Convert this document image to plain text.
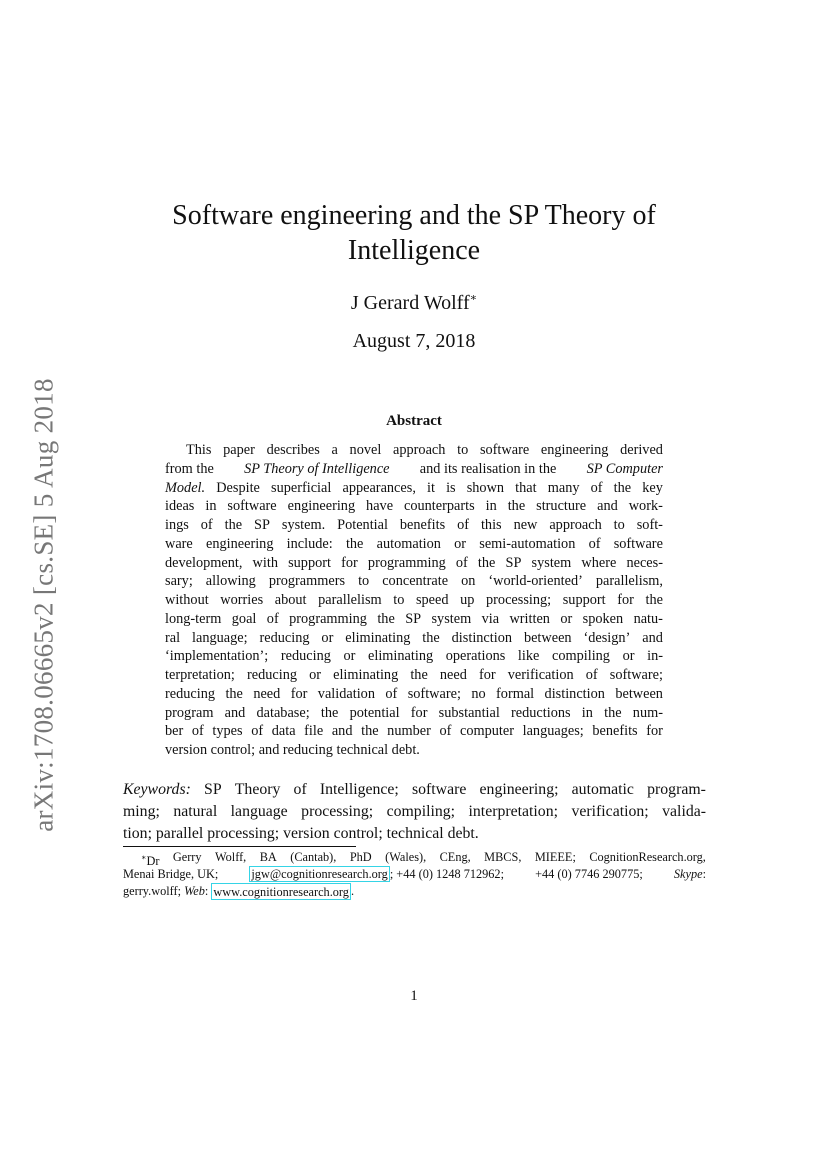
arXiv:1708.06665v2 [cs.SE] 5 Aug 2018
Software engineering and the SP Theory of
Intelligence
J Gerard Wolff∗
August 7, 2018
Abstract
This paper describes a novel approach to software engineering derived
from the SP Theory of Intelligence and its realisation in the SP Computer
Model. Despite superficial appearances, it is shown that many of the key
ideas in software engineering have counterparts in the structure and work-
ings of the SP system. Potential benefits of this new approach to soft-
ware engineering include: the automation or semi-automation of software
development, with support for programming of the SP system where neces-
sary; allowing programmers to concentrate on ‘world-oriented’ parallelism,
without worries about parallelism to speed up processing; support for the
long-term goal of programming the SP system via written or spoken natu-
ral language; reducing or eliminating the distinction between ‘design’ and
‘implementation’; reducing or eliminating operations like compiling or in-
terpretation; reducing or eliminating the need for verification of software;
reducing the need for validation of software; no formal distinction between
program and database; the potential for substantial reductions in the num-
ber of types of data file and the number of computer languages; benefits for
version control; and reducing technical debt.
Keywords: SP Theory of Intelligence; software engineering; automatic program-
ming; natural language processing; compiling; interpretation; verification; valida-
tion; parallel processing; version control; technical debt.
∗Dr Gerry Wolff, BA (Cantab), PhD (Wales), CEng, MBCS, MIEEE; CognitionResearch.org,
Menai Bridge, UK;	jgw@cognitionresearch.org ; +44 (0) 1248 712962;	+44 (0) 7746 290775;	Skype:
gerry.wolff;
Web :
www.cognitionresearch.org .
1
